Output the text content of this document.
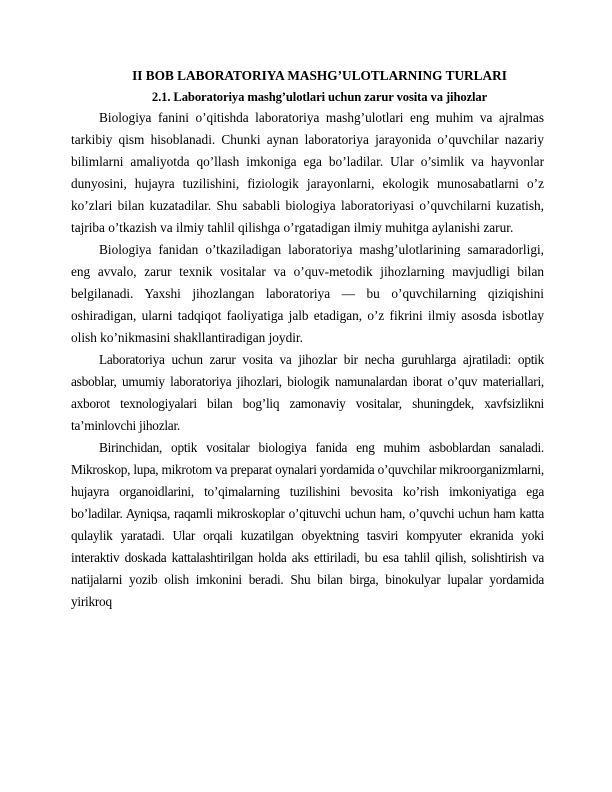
II BOB LABORATORIYA MASHG’ULOTLARNING TURLARI

2.1. Laboratoriya mashg’ulotlari uchun zarur vosita va jihozlar

Biologiya fanini o’qitishda laboratoriya mashg’ulotlari eng muhim va ajralmas tarkibiy qism hisoblanadi. Chunki aynan laboratoriya jarayonida o’quvchilar nazariy bilimlarni amaliyotda qo’llash imkoniga ega bo’ladilar. Ular o’simlik va hayvonlar dunyosini, hujayra tuzilishini, fiziologik jarayonlarni, ekologik munosabatlarni o’z ko’zlari bilan kuzatadilar. Shu sababli biologiya laboratoriyasi o’quvchilarni kuzatish, tajriba o’tkazish va ilmiy tahlil qilishga o’rgatadigan ilmiy muhitga aylanishi zarur.

Biologiya fanidan o’tkaziladigan laboratoriya mashg’ulotlarining samaradorligi, eng avvalo, zarur texnik vositalar va o’quv-metodik jihozlarning mavjudligi bilan belgilanadi. Yaxshi jihozlangan laboratoriya — bu o’quvchilarning qiziqishini oshiradigan, ularni tadqiqot faoliyatiga jalb etadigan, o’z fikrini ilmiy asosda isbotlay olish ko’nikmasini shakllantiradigan joydir.

Laboratoriya uchun zarur vosita va jihozlar bir necha guruhlarga ajratiladi: optik asboblar, umumiy laboratoriya jihozlari, biologik namunalardan iborat o’quv materiallari, axborot texnologiyalari bilan bog’liq zamonaviy vositalar, shuningdek, xavfsizlikni ta’minlovchi jihozlar.

Birinchidan, optik vositalar biologiya fanida eng muhim asboblardan sanaladi. Mikroskop, lupa, mikrotom va preparat oynalari yordamida o’quvchilar mikroorganizmlarni, hujayra organoidlarini, to’qimalarning tuzilishini bevosita ko’rish imkoniyatiga ega bo’ladilar. Ayniqsa, raqamli mikroskoplar o’qituvchi uchun ham, o’quvchi uchun ham katta qulaylik yaratadi. Ular orqali kuzatilgan obyektning tasviri kompyuter ekranida yoki interaktiv doskada kattalashtirilgan holda aks ettiriladi, bu esa tahlil qilish, solishtirish va natijalarni yozib olish imkonini beradi. Shu bilan birga, binokulyar lupalar yordamida yirikroq
